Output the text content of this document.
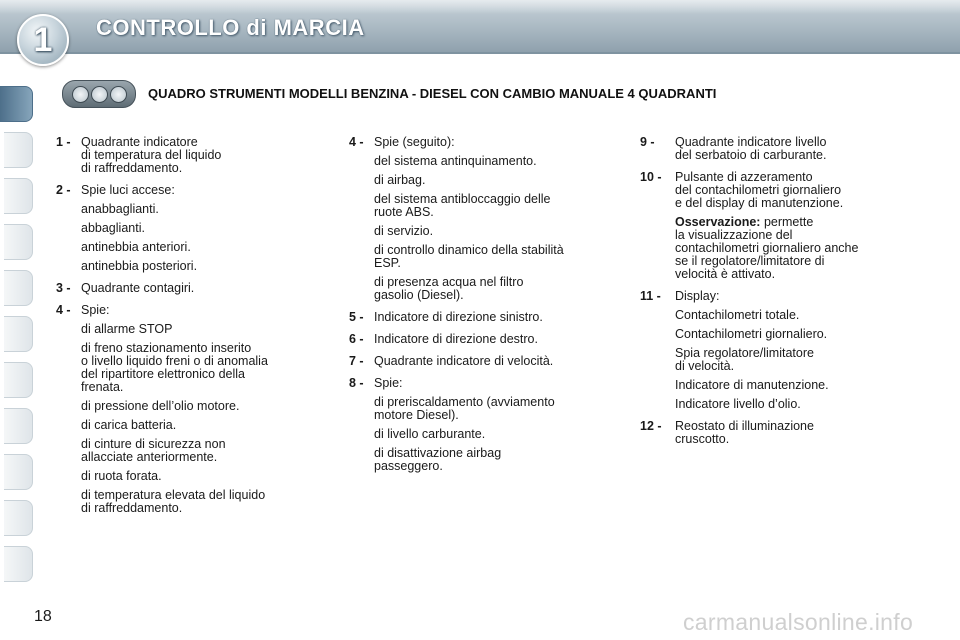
1	CONTROLLO di MARCIA
QUADRO STRUMENTI MODELLI BENZINA - DIESEL CON CAMBIO MANUALE 4 QUADRANTI
1 - Quadrante indicatore
di temperatura del liquido
di raffreddamento.
2 - Spie luci accese:
anabbaglianti.
abbaglianti.
antinebbia anteriori.
antinebbia posteriori.
3 - Quadrante contagiri.
4 - Spie:
di allarme STOP
di freno stazionamento inserito
o livello liquido freni o di anomalia
del ripartitore elettronico della
frenata.
di pressione dell’olio motore.
di carica batteria.
di cinture di sicurezza non
allacciate anteriormente.
di ruota forata.
di temperatura elevata del liquido
di raffreddamento.
4 - Spie (seguito):
del sistema antinquinamento.
di airbag.
del sistema antibloccaggio delle
ruote ABS.
di servizio.
di controllo dinamico della stabilità
ESP.
di presenza acqua nel filtro
gasolio (Diesel).
5 - Indicatore di direzione sinistro.
6 - Indicatore di direzione destro.
7 - Quadrante indicatore di velocità.
8 - Spie:
di preriscaldamento (avviamento
motore Diesel).
di livello carburante.
di disattivazione airbag
passeggero.
9 - Quadrante indicatore livello
del serbatoio di carburante.
10 - Pulsante di azzeramento
del contachilometri giornaliero
e del display di manutenzione.
Osservazione: permette
la visualizzazione del
contachilometri giornaliero anche
se il regolatore/limitatore di
velocità è attivato.
11 - Display:
Contachilometri totale.
Contachilometri giornaliero.
Spia regolatore/limitatore
di velocità.
Indicatore di manutenzione.
Indicatore livello d’olio.
12 - Reostato di illuminazione
cruscotto.
18	carmanualsonline.info
